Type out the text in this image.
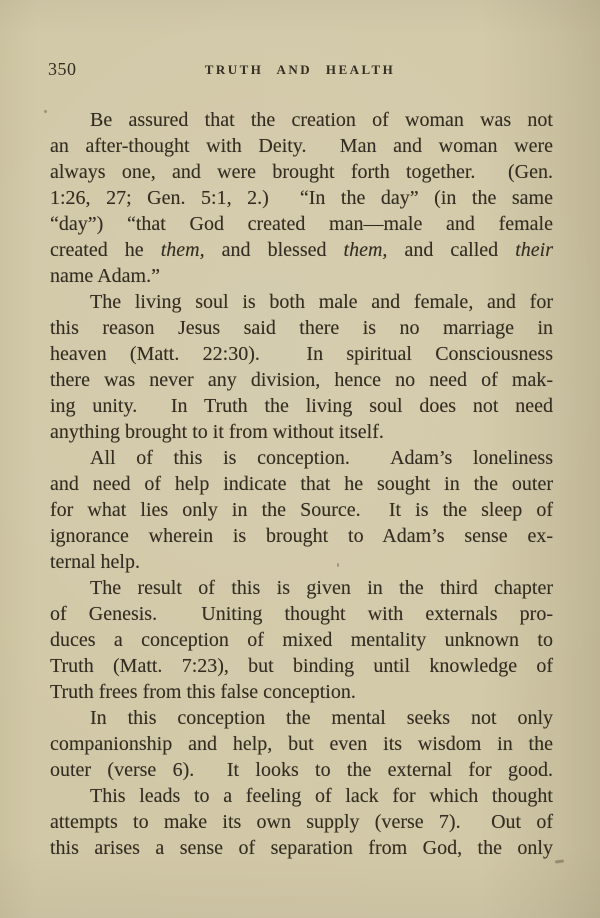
350	TRUTH AND HEALTH
Be assured that the creation of woman was not
an after-thought with Deity.  Man and woman were
always one, and were brought forth together.  (Gen.
1:26, 27; Gen. 5:1, 2.)  “In the day” (in the same
“day”) “that God created man—male and female
created he them, and blessed them, and called their
name Adam.”
The living soul is both male and female, and for
this reason Jesus said there is no marriage in
heaven (Matt. 22:30).  In spiritual Consciousness
there was never any division, hence no need of mak-
ing unity.  In Truth the living soul does not need
anything brought to it from without itself.
All of this is conception.  Adam’s loneliness
and need of help indicate that he sought in the outer
for what lies only in the Source.  It is the sleep of
ignorance wherein is brought to Adam’s sense ex-
ternal help.
The result of this is given in the third chapter
of Genesis.  Uniting thought with externals pro-
duces a conception of mixed mentality unknown to
Truth (Matt. 7:23), but binding until knowledge of
Truth frees from this false conception.
In this conception the mental seeks not only
companionship and help, but even its wisdom in the
outer (verse 6).  It looks to the external for good.
This leads to a feeling of lack for which thought
attempts to make its own supply (verse 7).  Out of
this arises a sense of separation from God, the only
